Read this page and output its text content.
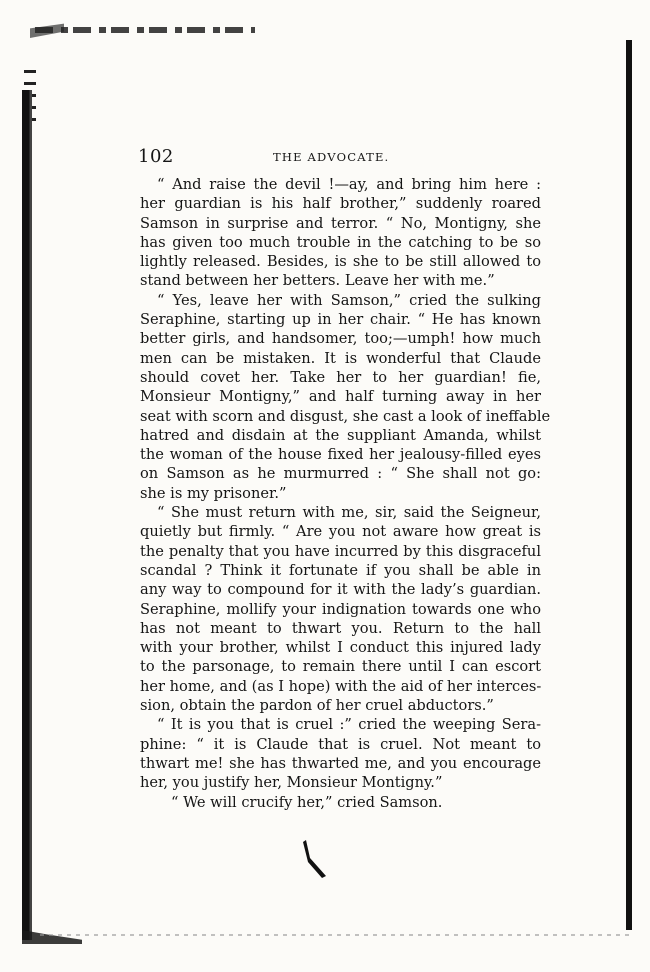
102	THE ADVOCATE.
“ And raise the devil !—ay, and bring him here :
her guardian is his half brother,” suddenly roared
Samson in surprise and terror. “ No, Montigny, she
has given too much trouble in the catching to be so
lightly released. Besides, is she to be still allowed to
stand between her betters. Leave her with me.”
“ Yes, leave her with Samson,” cried the sulking
Seraphine, starting up in her chair. “ He has known
better girls, and handsomer, too;—umph! how much
men can be mistaken. It is wonderful that Claude
should covet her. Take her to her guardian! fie,
Monsieur Montigny,” and half turning away in her
seat with scorn and disgust, she cast a look of ineffable
hatred and disdain at the suppliant Amanda, whilst
the woman of the house fixed her jealousy-filled eyes
on Samson as he murmurred : “ She shall not go:
she is my prisoner.”
“ She must return with me, sir, said the Seigneur,
quietly but firmly. “ Are you not aware how great is
the penalty that you have incurred by this disgraceful
scandal ? Think it fortunate if you shall be able in
any way to compound for it with the lady’s guardian.
Seraphine, mollify your indignation towards one who
has not meant to thwart you. Return to the hall
with your brother, whilst I conduct this injured lady
to the parsonage, to remain there until I can escort
her home, and (as I hope) with the aid of her interces-
sion, obtain the pardon of her cruel abductors.”
“ It is you that is cruel :” cried the weeping Sera-
phine: “ it is Claude that is cruel. Not meant to
thwart me! she has thwarted me, and you encourage
her, you justify her, Monsieur Montigny.”
“ We will crucify her,” cried Samson.
